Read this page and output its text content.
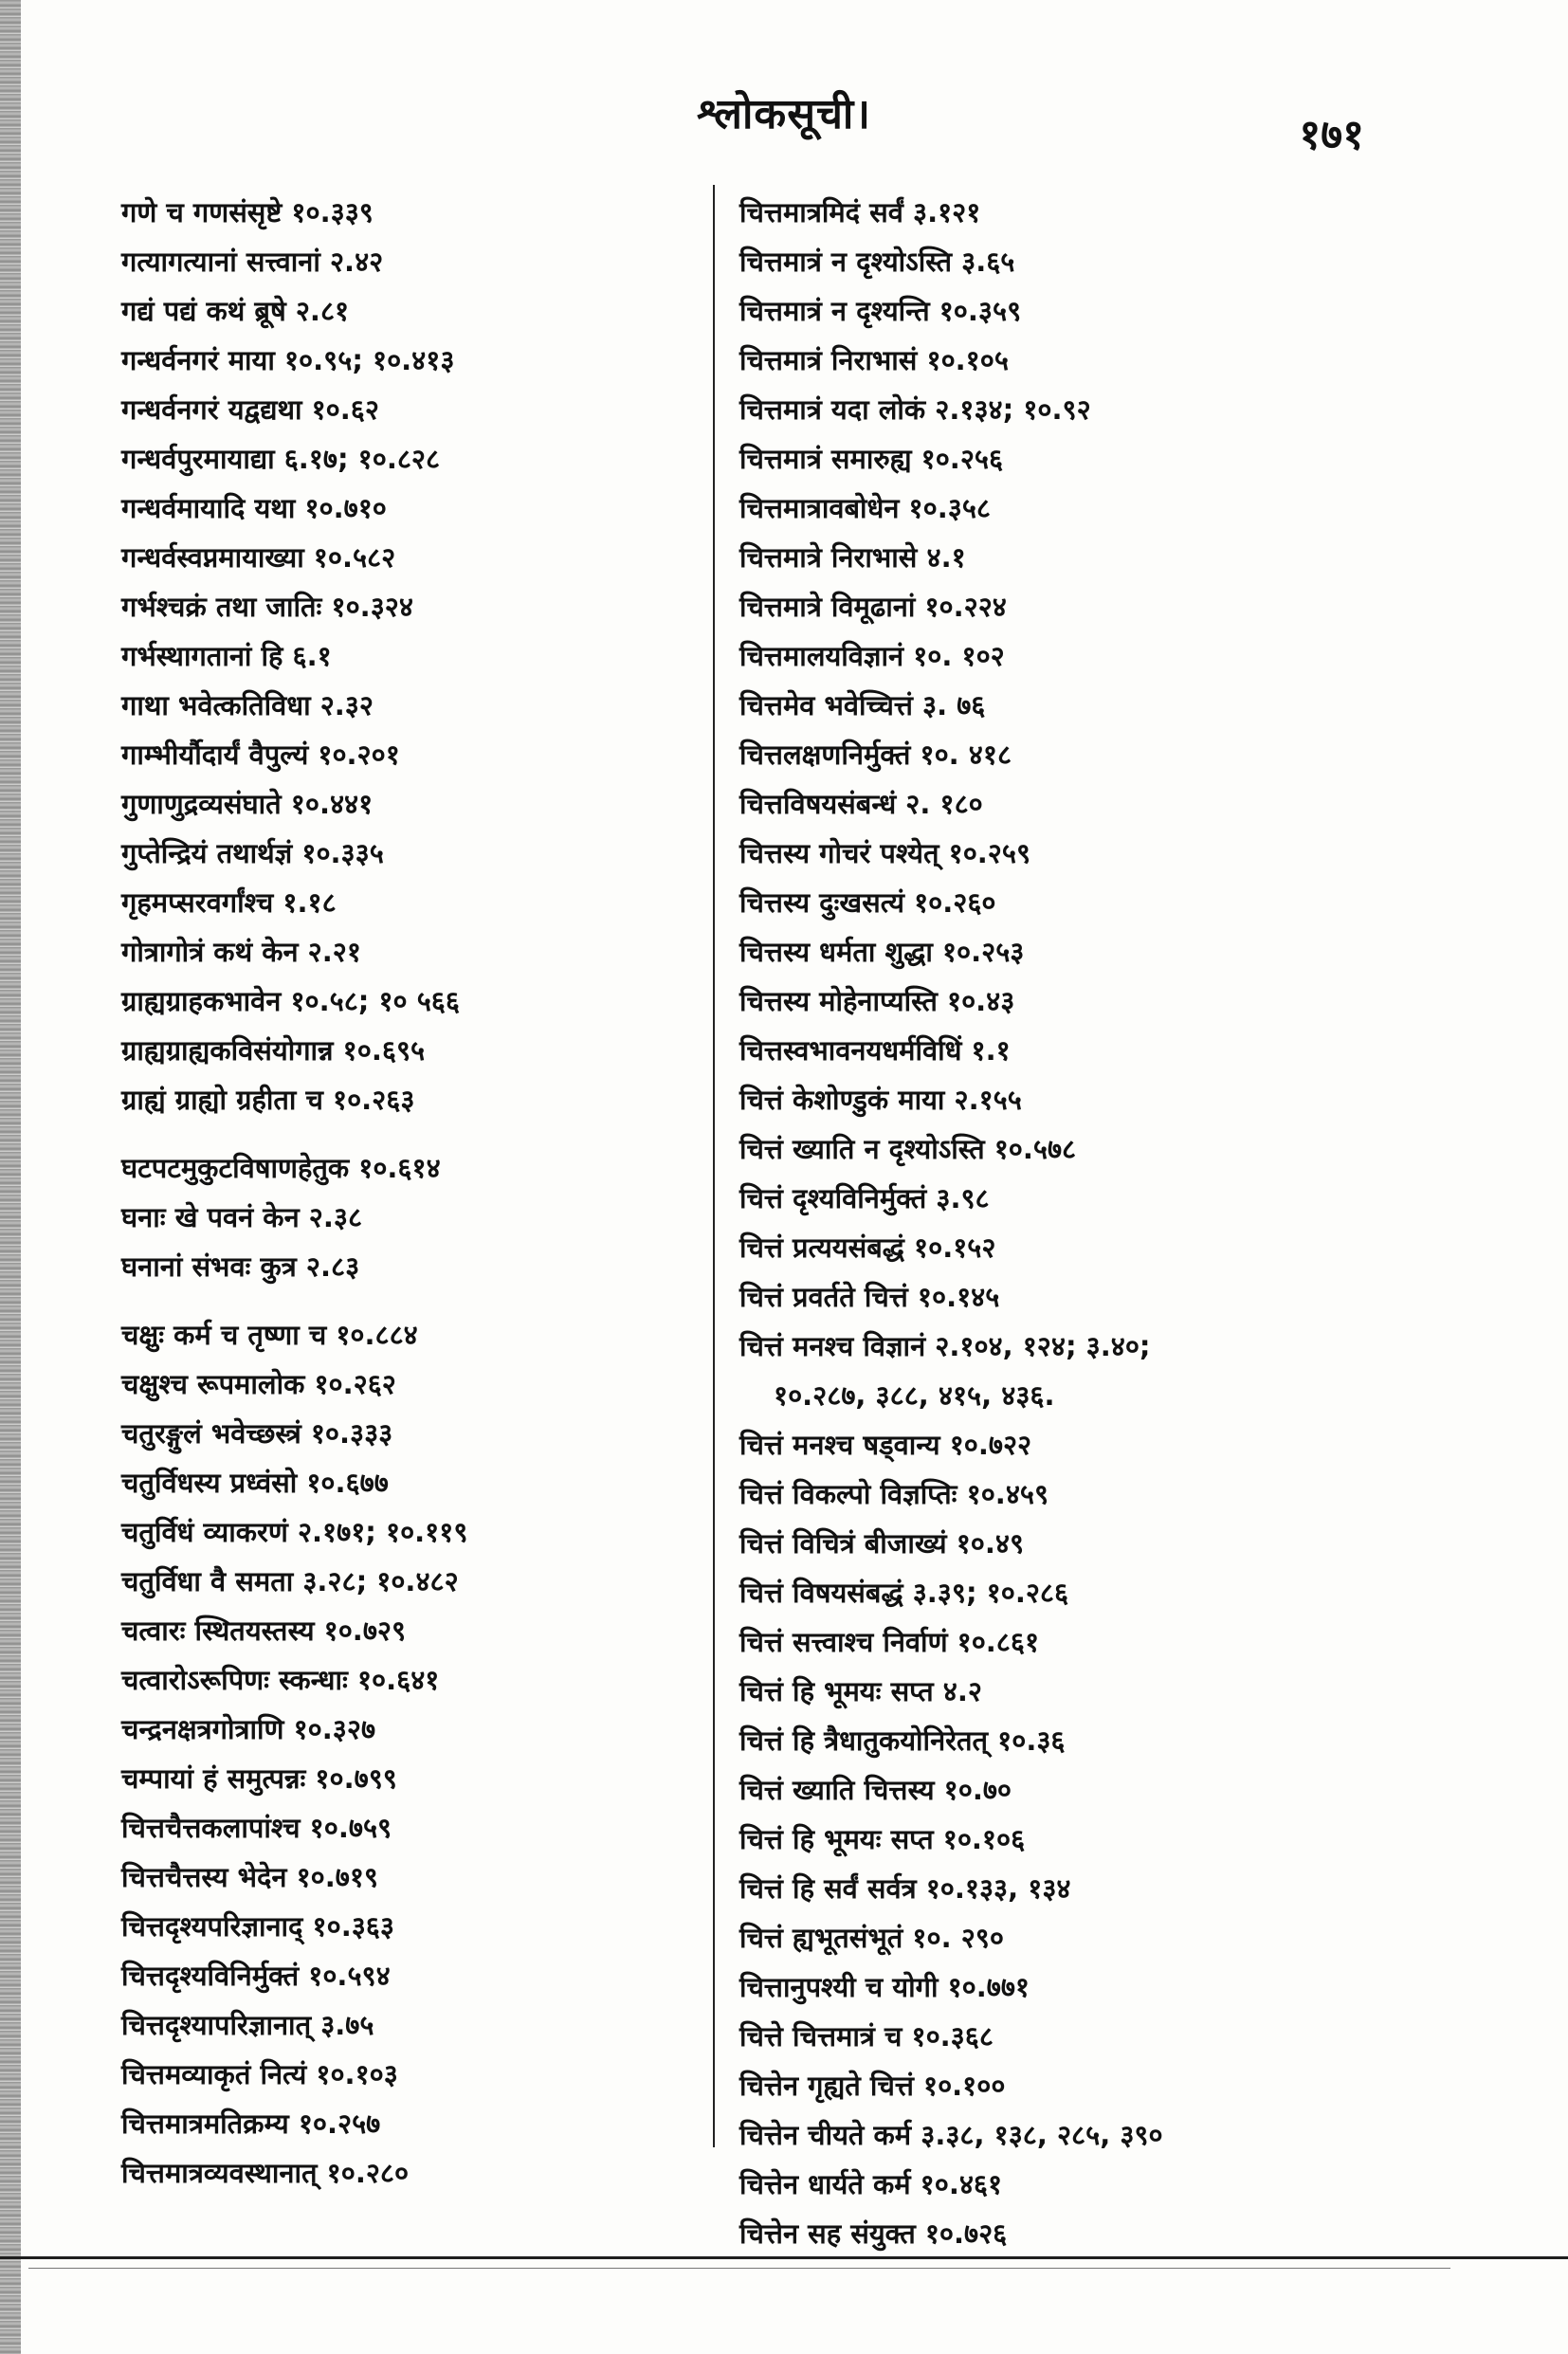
श्लोकसूची।	१७१
गणे च गणसंसृष्टे १०.३३९
गत्यागत्यानां सत्त्वानां २.४२
गद्यं पद्यं कथं ब्रूषे २.८१
गन्धर्वनगरं माया १०.९५; १०.४१३
गन्धर्वनगरं यद्वद्यथा १०.६२
गन्धर्वपुरमायाद्या ६.१७; १०.८२८
गन्धर्वमायादि यथा १०.७१०
गन्धर्वस्वप्नमायाख्या १०.५८२
गर्भश्चक्रं तथा जातिः १०.३२४
गर्भस्थागतानां हि ६.१
गाथा भवेत्कतिविधा २.३२
गाम्भीर्यौदार्यं वैपुल्यं १०.२०१
गुणाणुद्रव्यसंघाते १०.४४१
गुप्तेन्द्रियं तथार्थज्ञं १०.३३५
गृहमप्सरवर्गांश्च १.१८
गोत्रागोत्रं कथं केन २.२१
ग्राह्यग्राहकभावेन १०.५८; १० ५६६
ग्राह्यग्राह्यकविसंयोगान्न १०.६९५
ग्राह्यं ग्राह्यो ग्रहीता च १०.२६३
घटपटमुकुटविषाणहेतुक १०.६१४
घनाः खे पवनं केन २.३८
घनानां संभवः कुत्र २.८३
चक्षुः कर्म च तृष्णा च १०.८८४
चक्षुश्च रूपमालोक १०.२६२
चतुरङ्गुलं भवेच्छस्त्रं १०.३३३
चतुर्विधस्य प्रध्वंसो १०.६७७
चतुर्विधं व्याकरणं २.१७१; १०.११९
चतुर्विधा वै समता ३.२८; १०.४८२
चत्वारः स्थितयस्तस्य १०.७२९
चत्वारोऽरूपिणः स्कन्धाः १०.६४१
चन्द्रनक्षत्रगोत्राणि १०.३२७
चम्पायां हं समुत्पन्नः १०.७९९
चित्तचैत्तकलापांश्च १०.७५९
चित्तचैत्तस्य भेदेन १०.७१९
चित्तदृश्यपरिज्ञानाद् १०.३६३
चित्तदृश्यविनिर्मुक्तं १०.५९४
चित्तदृश्यापरिज्ञानात् ३.७५
चित्तमव्याकृतं नित्यं १०.१०३
चित्तमात्रमतिक्रम्य १०.२५७
चित्तमात्रव्यवस्थानात् १०.२८०
चित्तमात्रमिदं सर्वं ३.१२१
चित्तमात्रं न दृश्योऽस्ति ३.६५
चित्तमात्रं न दृश्यन्ति १०.३५९
चित्तमात्रं निराभासं १०.१०५
चित्तमात्रं यदा लोकं २.१३४; १०.९२
चित्तमात्रं समारुह्य १०.२५६
चित्तमात्रावबोधेन १०.३५८
चित्तमात्रे निराभासे ४.१
चित्तमात्रे विमूढानां १०.२२४
चित्तमालयविज्ञानं १०. १०२
चित्तमेव भवेच्चित्तं ३. ७६
चित्तलक्षणनिर्मुक्तं १०. ४१८
चित्तविषयसंबन्धं २. १८०
चित्तस्य गोचरं पश्येत् १०.२५९
चित्तस्य दुःखसत्यं १०.२६०
चित्तस्य धर्मता शुद्धा १०.२५३
चित्तस्य मोहेनाप्यस्ति १०.४३
चित्तस्वभावनयधर्मविधिं १.१
चित्तं केशोण्डुकं माया २.१५५
चित्तं ख्याति न दृश्योऽस्ति १०.५७८
चित्तं दृश्यविनिर्मुक्तं ३.९८
चित्तं प्रत्ययसंबद्धं १०.१५२
चित्तं प्रवर्तते चित्तं १०.१४५
चित्तं मनश्च विज्ञानं २.१०४, १२४; ३.४०;
१०.२८७, ३८८, ४१५, ४३६.
चित्तं मनश्च षड्वान्य १०.७२२
चित्तं विकल्पो विज्ञप्तिः १०.४५९
चित्तं विचित्रं बीजाख्यं १०.४९
चित्तं विषयसंबद्धं ३.३९; १०.२८६
चित्तं सत्त्वाश्च निर्वाणं १०.८६१
चित्तं हि भूमयः सप्त ४.२
चित्तं हि त्रैधातुकयोनिरेतत् १०.३६
चित्तं ख्याति चित्तस्य १०.७०
चित्तं हि भूमयः सप्त १०.१०६
चित्तं हि सर्वं सर्वत्र १०.१३३, १३४
चित्तं ह्यभूतसंभूतं १०. २९०
चित्तानुपश्यी च योगी १०.७७१
चित्ते चित्तमात्रं च १०.३६८
चित्तेन गृह्यते चित्तं १०.१००
चित्तेन चीयते कर्म ३.३८, १३८, २८५, ३९०
चित्तेन धार्यते कर्म १०.४६१
चित्तेन सह संयुक्त १०.७२६
